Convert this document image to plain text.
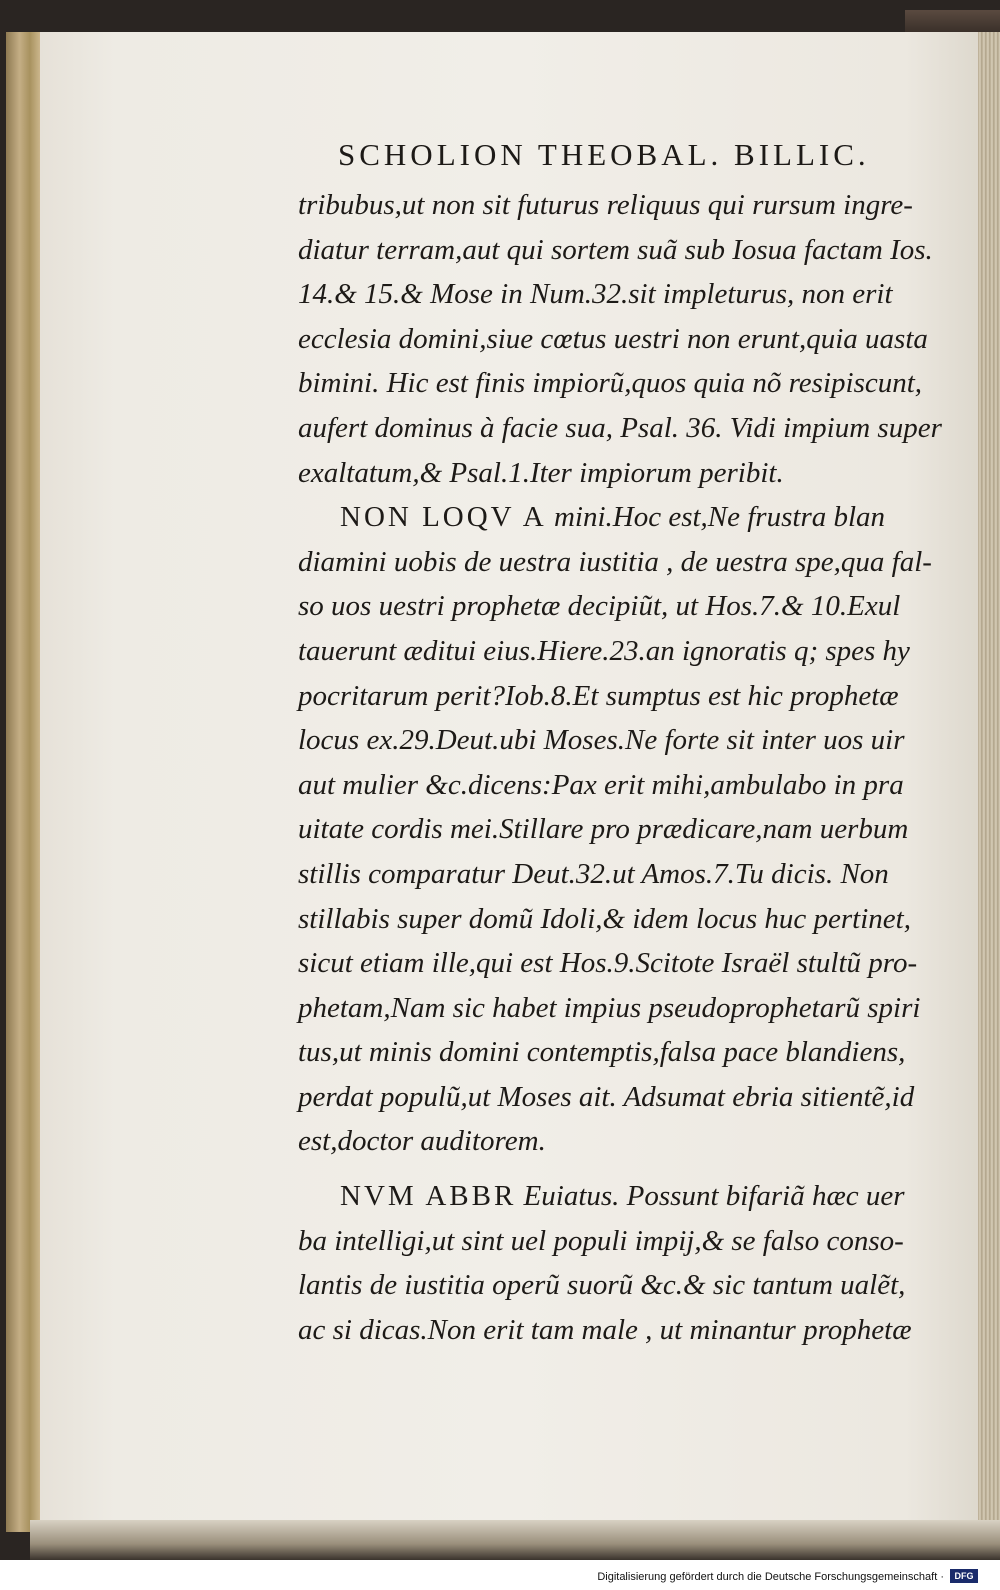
SCHOLION THEOBAL. BILLIC.
tribubus,ut non sit futurus reliquus qui rursum ingre-
diatur terram,aut qui sortem suã sub Iosua factam Ios.
14.& 15.& Mose in Num.32.sit impleturus, non erit
ecclesia domini,siue cœtus uestri non erunt,quia uasta
bimini. Hic est finis impiorũ,quos quia nõ resipiscunt,
aufert dominus à facie sua, Psal. 36. Vidi impium super
exaltatum,& Psal.1.Iter impiorum peribit.
NON LOQV A mini.Hoc est,Ne frustra blan
diamini uobis de uestra iustitia , de uestra spe,qua fal-
so uos uestri prophetæ decipiũt, ut Hos.7.& 10.Exul
tauerunt æditui eius.Hiere.23.an ignoratis q; spes hy
pocritarum perit?Iob.8.Et sumptus est hic prophetæ
locus ex.29.Deut.ubi Moses.Ne forte sit inter uos uir
aut mulier &c.dicens:Pax erit mihi,ambulabo in pra
uitate cordis mei.Stillare pro prædicare,nam uerbum
stillis comparatur Deut.32.ut Amos.7.Tu dicis. Non
stillabis super domũ Idoli,& idem locus huc pertinet,
sicut etiam ille,qui est Hos.9.Scitote Israël stultũ pro-
phetam,Nam sic habet impius pseudoprophetarũ spiri
tus,ut minis domini contemptis,falsa pace blandiens,
perdat populũ,ut Moses ait. Adsumat ebria sitientẽ,id
est,doctor auditorem.
NVM ABBR Euiatus. Possunt bifariã hæc uer
ba intelligi,ut sint uel populi impij,& se falso conso-
lantis de iustitia operũ suorũ &c.& sic tantum ualẽt,
ac si dicas.Non erit tam male , ut minantur prophetæ
Digitalisierung gefördert durch die Deutsche Forschungsgemeinschaft ·	DFG
